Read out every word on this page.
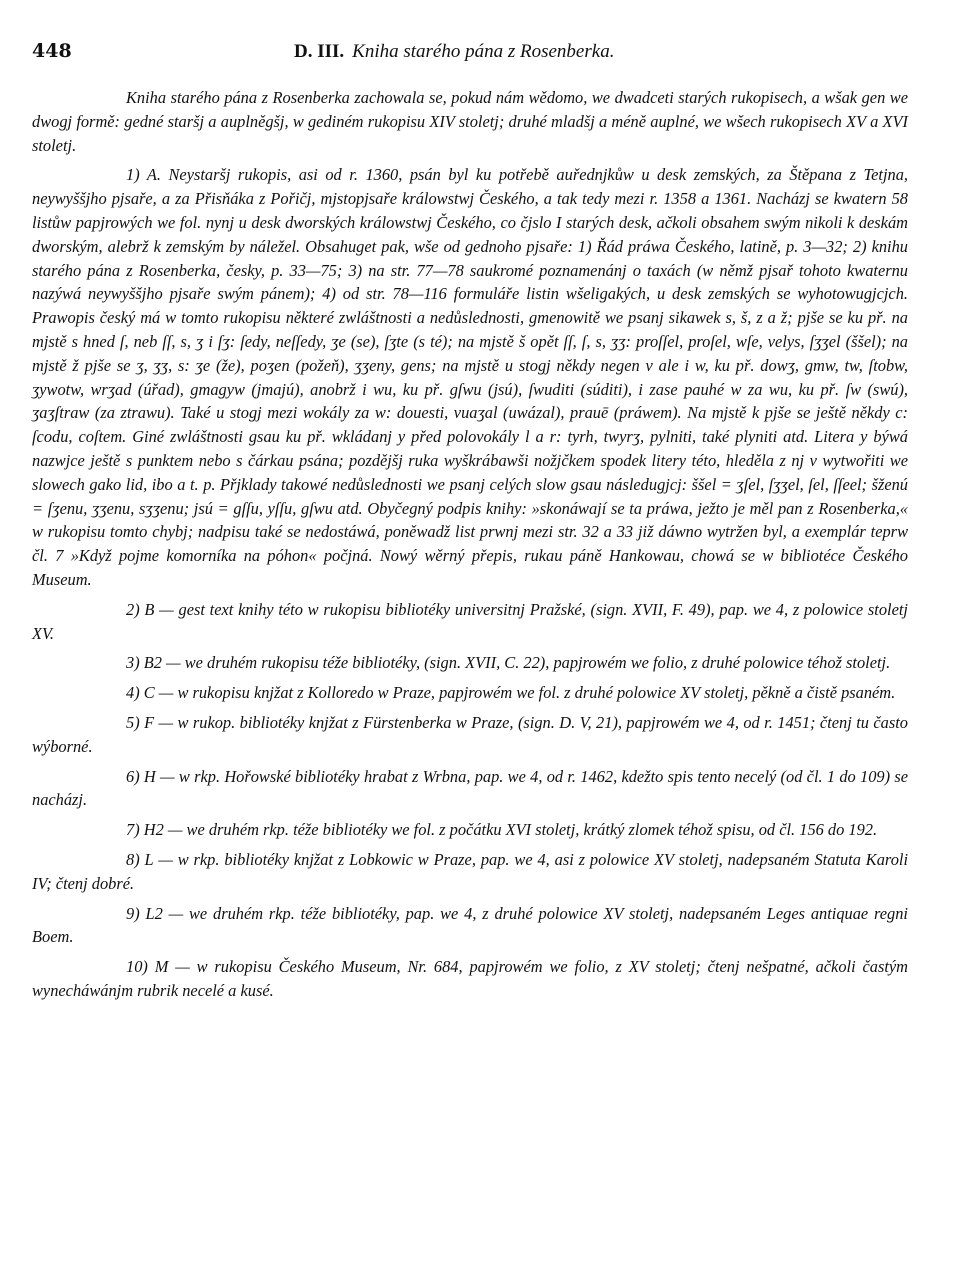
448	D. III. Kniha starého pána z Rosenberka.

Kniha starého pána z Rosenberka zachowala se, pokud nám wědomo, we dwadceti starých rukopisech, a wšak gen we dwogj formě: gedné staršj a auplněgšj, w gediném rukopisu XIV stoletj; druhé mladšj a méně auplné, we wšech rukopisech XV a XVI stoletj.

1) A. Neystaršj rukopis, asi od r. 1360, psán byl ku potřebě auřednjkůw u desk zemských, za Štěpana z Tetjna, neywyššjho pjsaře, a za Přisňáka z Pořičj, mjstopjsaře králowstwj Českého, a tak tedy mezi r. 1358 a 1361. Nacházj se kwatern 58 listůw papjrowých we fol. nynj u desk dworských králowstwj Českého, co čjslo I starých desk, ačkoli obsahem swým nikoli k deskám dworským, alebrž k zemským by náležel. Obsahuget pak, wše od gednoho pjsaře: 1) Řád práwa Českého, latině, p. 3—32; 2) knihu starého pána z Rosenberka, česky, p. 33—75; 3) na str. 77—78 saukromé poznamenánj o taxách (w němž pjsař tohoto kwaternu nazýwá neywyššjho pjsaře swým pánem); 4) od str. 78—116 formuláře listin wšeligakých, u desk zemských se wyhotowugjcjch. Prawopis český má w tomto rukopisu některé zwláštnosti a nedůslednosti, gmenowitě we psanj sikawek s, š, z a ž; pjše se ku př. na mjstě s hned ſ, neb ſſ, s, ʒ i ſʒ: ſedy, neſſedy, ʒe (se), ſʒte (s té); na mjstě š opět ſſ, ſ, s, ʒʒ: proſſel, proſel, wſe, velys, ſʒʒel (ššel); na mjstě ž pjše se ʒ, ʒʒ, s: ʒe (že), poʒen (požeň), ʒʒeny, gens; na mjstě u stogj někdy negen v ale i w, ku př. dowʒ, gmw, tw, ſtobw, ʒywotw, wrʒad (úřad), gmagyw (jmajú), anobrž i wu, ku př. gſwu (jsú), ſwuditi (súditi), i zase pauhé w za wu, ku př. ſw (swú), ʒaʒſtraw (za ztrawu). Také u stogj mezi wokály za w: douesti, vuaʒal (uwázal), prauē (práwem). Na mjstě k pjše se ještě někdy c: ſcodu, coſtem. Giné zwláštnosti gsau ku př. wkládanj y před polovokály l a r: tyrh, twyrʒ, pylniti, také plyniti atd. Litera y býwá nazwjce ještě s punktem nebo s čárkau psána; pozdějšj ruka wyškrábawši nožjčkem spodek litery této, hleděla z nj v wytwořiti we slowech gako lid, ibo a t. p. Přjklady takowé nedůslednosti we psanj celých slow gsau následugjcj: ššel = ʒſel, ſʒʒel, ſel, ſſeel; šženú = ſʒenu, ʒʒenu, sʒʒenu; jsú = gſſu, yſſu, gſwu atd. Obyčegný podpis knihy: »skonáwají se ta práwa, ježto je měl pan z Rosenberka,« w rukopisu tomto chybj; nadpisu také se nedostáwá, poněwadž list prwnj mezi str. 32 a 33 již dáwno wytržen byl, a exemplár teprw čl. 7 »Když pojme komorníka na póhon« počjná. Nowý wěrný přepis, rukau páně Hankowau, chowá se w bibliotéce Českého Museum.

2) B — gest text knihy této w rukopisu bibliotéky universitnj Pražské, (sign. XVII, F. 49), pap. we 4, z polowice stoletj XV.

3) B2 — we druhém rukopisu téže bibliotéky, (sign. XVII, C. 22), papjrowém we folio, z druhé polowice téhož stoletj.

4) C — w rukopisu knjžat z Kolloredo w Praze, papjrowém we fol. z druhé polowice XV stoletj, pěkně a čistě psaném.

5) F — w rukop. bibliotéky knjžat z Fürstenberka w Praze, (sign. D. V, 21), papjrowém we 4, od r. 1451; čtenj tu často wýborné.

6) H — w rkp. Hořowské bibliotéky hrabat z Wrbna, pap. we 4, od r. 1462, kdežto spis tento necelý (od čl. 1 do 109) se nacházj.

7) H2 — we druhém rkp. téže bibliotéky we fol. z počátku XVI stoletj, krátký zlomek téhož spisu, od čl. 156 do 192.

8) L — w rkp. bibliotéky knjžat z Lobkowic w Praze, pap. we 4, asi z polowice XV stoletj, nadepsaném Statuta Karoli IV; čtenj dobré.

9) L2 — we druhém rkp. téže bibliotéky, pap. we 4, z druhé polowice XV stoletj, nadepsaném Leges antiquae regni Boem.

10) M — w rukopisu Českého Museum, Nr. 684, papjrowém we folio, z XV stoletj; čtenj nešpatné, ačkoli častým wynecháwánjm rubrik necelé a kusé.
